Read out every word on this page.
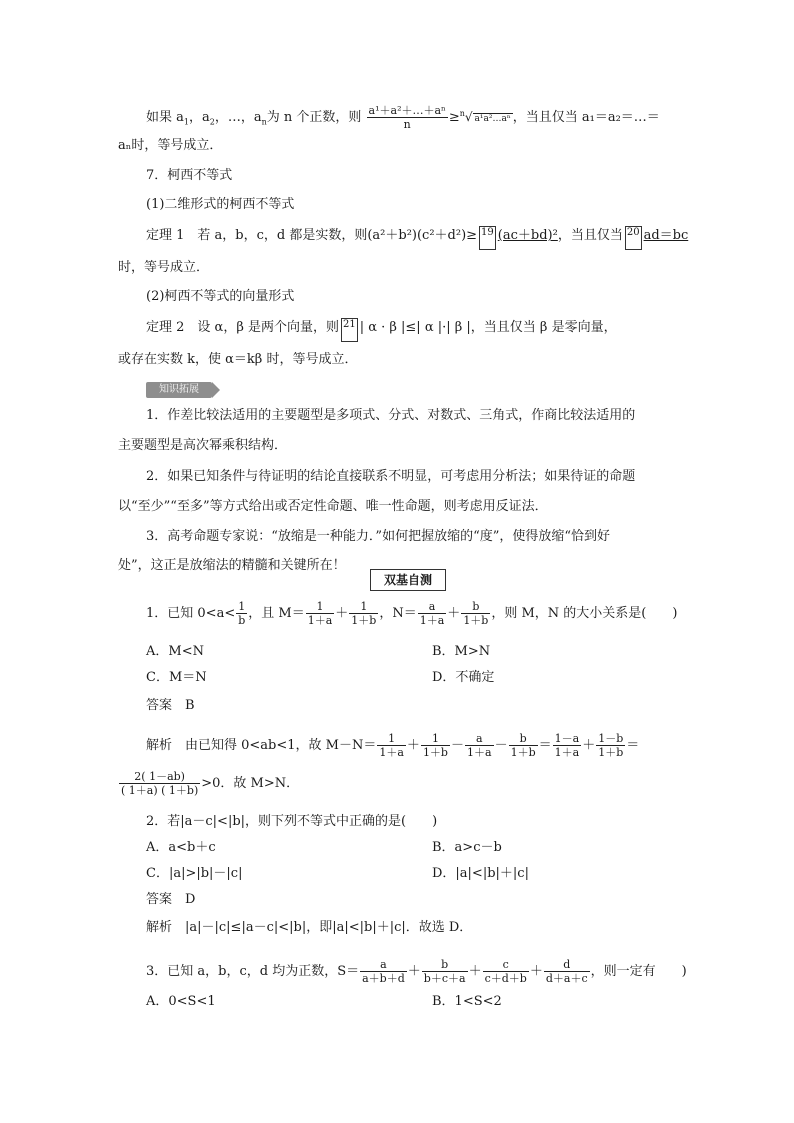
如果 $a_1$，$a_2$，…，$a_n$为 n 个正数，则 $\frac{\text{a¹＋a²＋…＋aⁿ}}{n} \ge^n√$ a¹a²…aⁿ ，当且仅当 a₁＝a₂＝…＝
aₙ时，等号成立．
7．柯西不等式
(1)二维形式的柯西不等式
定理 1　若 a，b，c，d 都是实数，则(a²＋b²)(c²＋d²)≥ 19 (ac＋bd)²，当且仅当 20 ad＝bc
时，等号成立．
(2)柯西不等式的向量形式
定理 2　设 α，β 是两个向量，则 21 | α · β |≤| α |·| β |，当且仅当 β 是零向量，
或存在实数 k，使 α＝kβ 时，等号成立．
知识拓展
1．作差比较法适用的主要题型是多项式、分式、对数式、三角式，作商比较法适用的
主要题型是高次幂乘积结构．
2．如果已知条件与待证明的结论直接联系不明显，可考虑用分析法；如果待证的命题
以“至少”“至多”等方式给出或否定性命题、唯一性命题，则考虑用反证法．
3．高考命题专家说：“放缩是一种能力．”如何把握放缩的“度”，使得放缩“恰到好
处”，这正是放缩法的精髓和关键所在！
双基自测
1．已知 $0<a< \frac{1}{b}$ ，且 $M= \frac{1}{1+a} + \frac{1}{1+b}$ ，$N= \frac{a}{1+a} + \frac{b}{1+b}$ ，则 M，N 的大小关系是(　　)
A．M<N	B．M>N
C．M＝N	D．不确定
答案　B
解析　由已知得 0<ab<1，故 $M-N= \frac{1}{1+a} + \frac{1}{1+b} - \frac{a}{1+a} - \frac{b}{1+b} = \frac{1-a}{1+a} + \frac{1-b}{1+b}$ ＝
$\frac{2( 1-ab)}{( 1+a) ( 1+b)} >0$．故 M>N．
2．若|a－c|<|b|，则下列不等式中正确的是(　　)
A．a<b＋c	B．a>c－b
C．|a|>|b|－|c|	D．|a|<|b|＋|c|
答案　D
解析　|a|－|c|≤|a－c|<|b|，即|a|<|b|＋|c|．故选 D．
3．已知 a，b，c，d 均为正数，$S= \frac{a}{a+b+d} + \frac{b}{b+c+a} + \frac{c}{c+d+b} + \frac{d}{d+a+c}$ ，则一定有　　)
A．0<S<1	B．1<S<2
